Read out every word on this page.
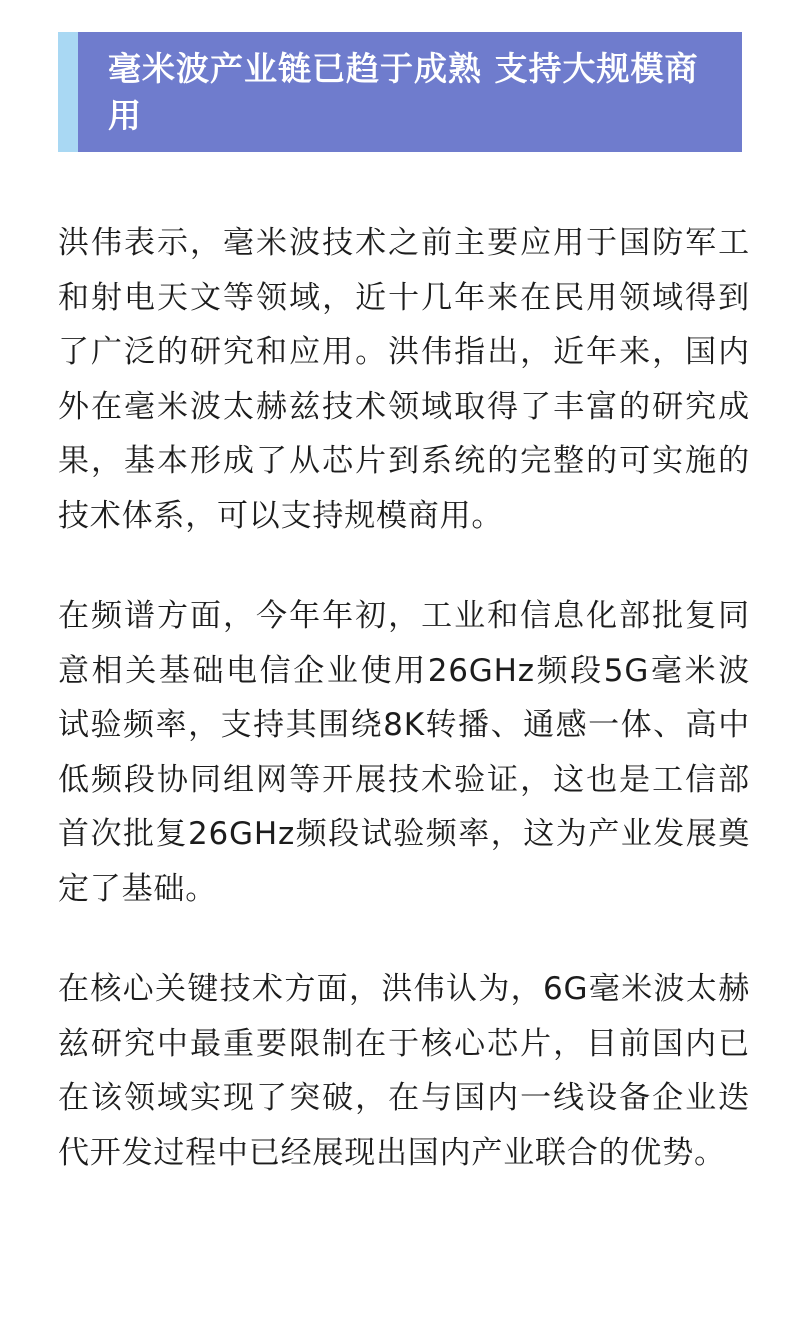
毫米波产业链已趋于成熟 支持大规模商用

洪伟表示，毫米波技术之前主要应用于国防军工和射电天文等领域，近十几年来在民用领域得到了广泛的研究和应用。洪伟指出，近年来，国内外在毫米波太赫兹技术领域取得了丰富的研究成果，基本形成了从芯片到系统的完整的可实施的技术体系，可以支持规模商用。

在频谱方面，今年年初，工业和信息化部批复同意相关基础电信企业使用26GHz频段5G毫米波试验频率，支持其围绕8K转播、通感一体、高中低频段协同组网等开展技术验证，这也是工信部首次批复26GHz频段试验频率，这为产业发展奠定了基础。

在核心关键技术方面，洪伟认为，6G毫米波太赫兹研究中最重要限制在于核心芯片，目前国内已在该领域实现了突破，在与国内一线设备企业迭代开发过程中已经展现出国内产业联合的优势。
